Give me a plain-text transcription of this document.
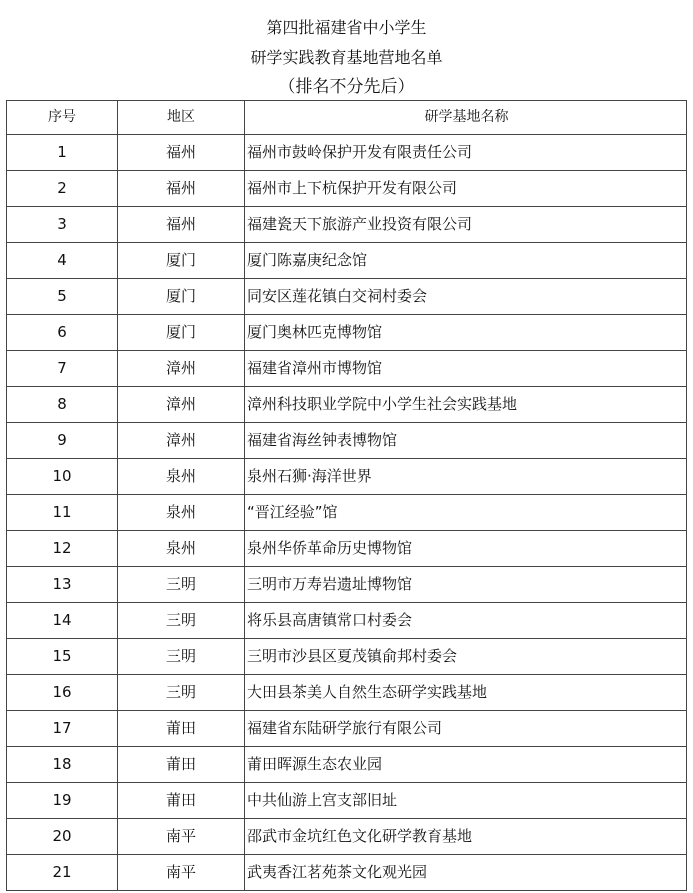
第四批福建省中小学生
研学实践教育基地营地名单
（排名不分先后）
序号	地区	研学基地名称
1	福州	福州市鼓岭保护开发有限责任公司
2	福州	福州市上下杭保护开发有限公司
3	福州	福建瓷天下旅游产业投资有限公司
4	厦门	厦门陈嘉庚纪念馆
5	厦门	同安区莲花镇白交祠村委会
6	厦门	厦门奥林匹克博物馆
7	漳州	福建省漳州市博物馆
8	漳州	漳州科技职业学院中小学生社会实践基地
9	漳州	福建省海丝钟表博物馆
10	泉州	泉州石狮·海洋世界
11	泉州	“晋江经验”馆
12	泉州	泉州华侨革命历史博物馆
13	三明	三明市万寿岩遗址博物馆
14	三明	将乐县高唐镇常口村委会
15	三明	三明市沙县区夏茂镇俞邦村委会
16	三明	大田县茶美人自然生态研学实践基地
17	莆田	福建省东陆研学旅行有限公司
18	莆田	莆田晖源生态农业园
19	莆田	中共仙游上宫支部旧址
20	南平	邵武市金坑红色文化研学教育基地
21	南平	武夷香江茗苑茶文化观光园
